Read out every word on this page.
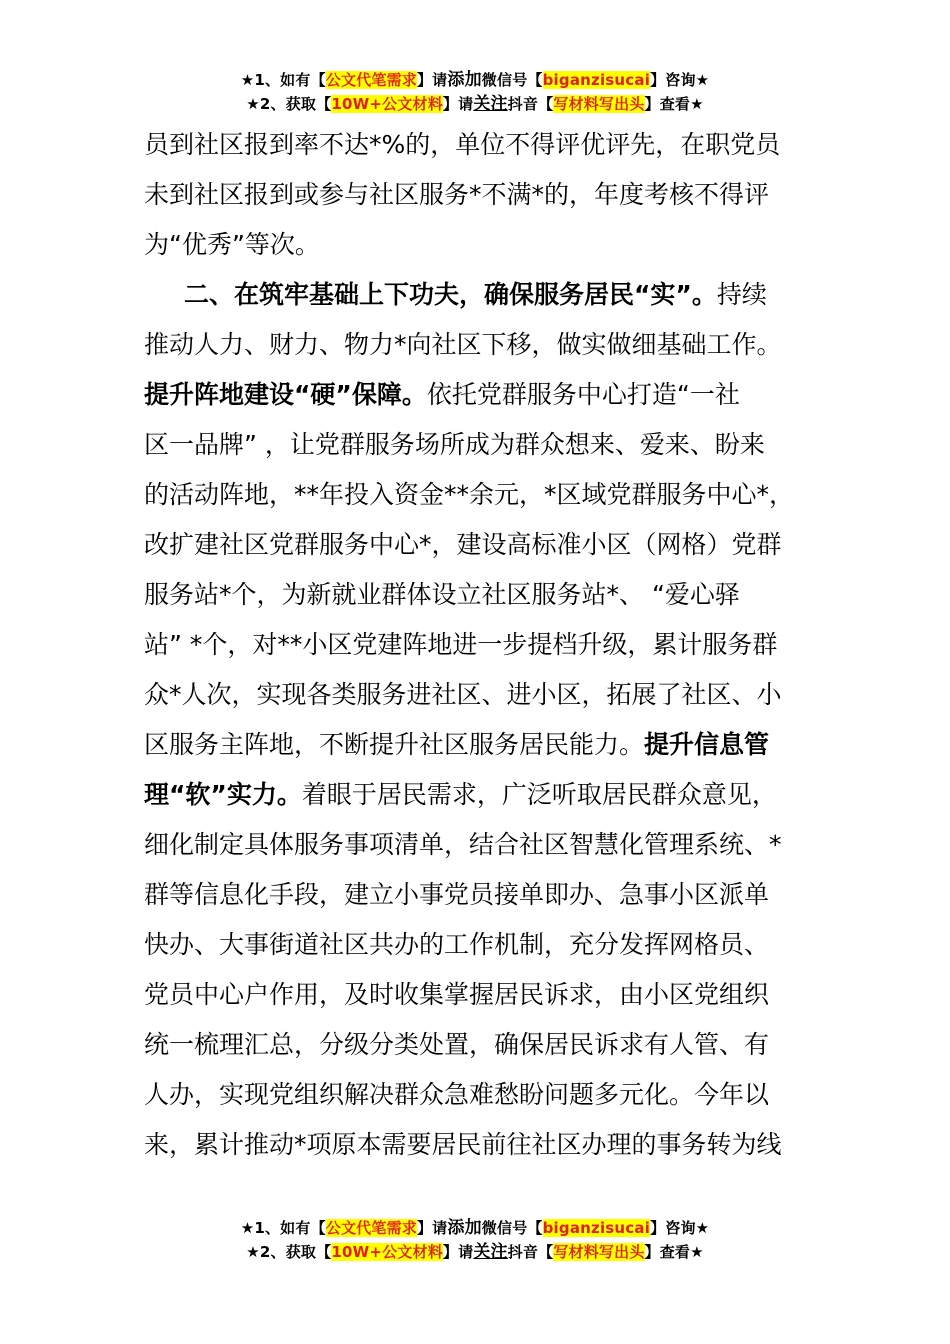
★1、如有【公文代笔需求】请添加微信号【biganzisucai】咨询★
★2、获取【10W+公文材料】请关注抖音【写材料写出头】查看★
员到社区报到率不达*%的，单位不得评优评先，在职党员
未到社区报到或参与社区服务*不满*的，年度考核不得评
为“优秀”等次。
二、在筑牢基础上下功夫，确保服务居民“实”。持续
推动人力、财力、物力*向社区下移，做实做细基础工作。
提升阵地建设“硬”保障。依托党群服务中心打造“一社
区一品牌” ，让党群服务场所成为群众想来、爱来、盼来
的活动阵地，**年投入资金**余元，*区域党群服务中心*，
改扩建社区党群服务中心*，建设高标准小区（网格）党群
服务站*个，为新就业群体设立社区服务站*、 “爱心驿
站” *个，对**小区党建阵地进一步提档升级，累计服务群
众*人次，实现各类服务进社区、进小区，拓展了社区、小
区服务主阵地，不断提升社区服务居民能力。提升信息管
理“软”实力。着眼于居民需求，广泛听取居民群众意见，
细化制定具体服务事项清单，结合社区智慧化管理系统、*
群等信息化手段，建立小事党员接单即办、急事小区派单
快办、大事街道社区共办的工作机制，充分发挥网格员、
党员中心户作用，及时收集掌握居民诉求，由小区党组织
统一梳理汇总，分级分类处置，确保居民诉求有人管、有
人办，实现党组织解决群众急难愁盼问题多元化。今年以
来，累计推动*项原本需要居民前往社区办理的事务转为线
★1、如有【公文代笔需求】请添加微信号【biganzisucai】咨询★
★2、获取【10W+公文材料】请关注抖音【写材料写出头】查看★
